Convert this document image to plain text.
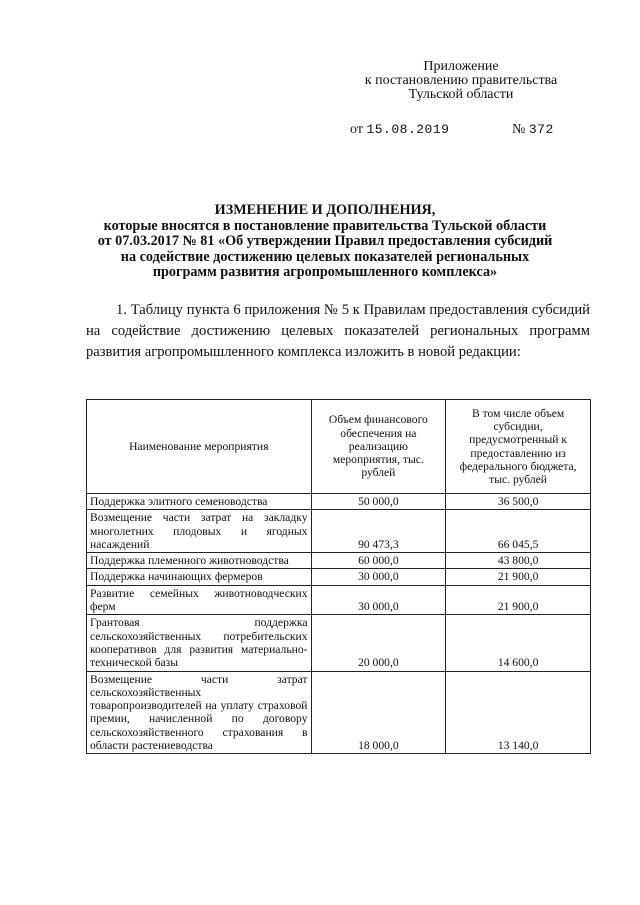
Приложение
к постановлению правительства
Тульской области
от 15.08.2019	№ 372
ИЗМЕНЕНИЕ И ДОПОЛНЕНИЯ,
которые вносятся в постановление правительства Тульской области
от 07.03.2017 № 81 «Об утверждении Правил предоставления субсидий
на содействие достижению целевых показателей региональных
программ развития агропромышленного комплекса»
1. Таблицу пункта 6 приложения № 5 к Правилам предоставления субсидий на содействие достижению целевых показателей региональных программ развития агропромышленного комплекса изложить в новой редакции:
Наименование мероприятия	Объем финансового обеспечения на реализацию мероприятия, тыс. рублей	В том числе объем субсидии, предусмотренный к предоставлению из федерального бюджета, тыс. рублей
Поддержка элитного семеноводства	50 000,0	36 500,0
Возмещение части затрат на закладку многолетних плодовых и ягодных насаждений	90 473,3	66 045,5
Поддержка племенного животноводства	60 000,0	43 800,0
Поддержка начинающих фермеров	30 000,0	21 900,0
Развитие семейных животноводческих ферм	30 000,0	21 900,0
Грантовая поддержка сельскохозяйственных потребительских кооперативов для развития материально-технической базы	20 000,0	14 600,0
Возмещение части затрат сельскохозяйственных товаропроизводителей на уплату страховой премии, начисленной по договору сельскохозяйственного страхования в области растениеводства	18 000,0	13 140,0
